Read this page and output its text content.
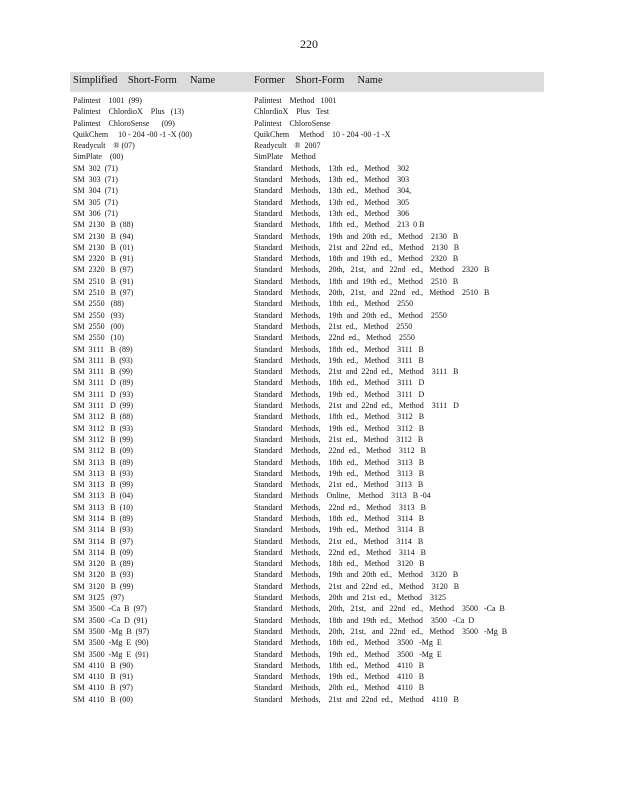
220
Simplified    Short-Form     Name	Former    Short-Form     Name
Palintest    1001  (99)	Palintest    Method   1001
Palintest    ChlordioX    Plus   (13)	ChlordioX    Plus   Test
Palintest    ChloroSense      (09)	Palintest    ChloroSense
QuikChem     10 - 204 -00 -1 -X (00)	QuikChem     Method    10 - 204 -00 -1 -X
Readycult    ® (07)	Readycult    ®  2007
SimPlate    (00)	SimPlate    Method
SM  302  (71)	Standard    Methods,    13th  ed.,   Method    302
SM  303  (71)	Standard    Methods,    13th  ed.,   Method    303
SM  304  (71)	Standard    Methods,    13th  ed.,   Method    304,
SM  305  (71)	Standard    Methods,    13th  ed.,   Method    305
SM  306  (71)	Standard    Methods,    13th  ed.,   Method    306
SM  2130   B  (88)	Standard    Methods,    18th  ed.,   Method    213  0 B
SM  2130   B  (94)	Standard    Methods,    19th  and  20th  ed.,   Method    2130   B
SM  2130   B  (01)	Standard    Methods,    21st  and  22nd  ed.,   Method    2130   B
SM  2320   B  (91)	Standard    Methods,    18th  and  19th  ed.,   Method    2320   B
SM  2320   B  (97)	Standard    Methods,    20th,   21st,   and   22nd   ed.,   Method    2320   B
SM  2510   B  (91)	Standard    Methods,    18th  and  19th  ed.,   Method    2510   B
SM  2510   B  (97)	Standard    Methods,    20th,   21st,   and   22nd   ed.,   Method    2510   B
SM  2550   (88)	Standard    Methods,    18th  ed.,   Method    2550
SM  2550   (93)	Standard    Methods,    19th  and  20th  ed.,   Method    2550
SM  2550   (00)	Standard    Methods,    21st  ed.,   Method    2550
SM  2550   (10)	Standard    Methods,    22nd  ed.,   Method    2550
SM  3111   B  (89)	Standard    Methods,    18th  ed.,   Method    3111   B
SM  3111   B  (93)	Standard    Methods,    19th  ed.,   Method    3111   B
SM  3111   B  (99)	Standard    Methods,    21st  and  22nd  ed.,   Method    3111   B
SM  3111   D  (89)	Standard    Methods,    18th  ed.,   Method    3111   D
SM  3111   D  (93)	Standard    Methods,    19th  ed.,   Method    3111   D
SM  3111   D  (99)	Standard    Methods,    21st  and  22nd  ed.,   Method    3111   D
SM  3112   B  (88)	Standard    Methods,    18th  ed.,   Method    3112   B
SM  3112   B  (93)	Standard    Methods,    19th  ed.,   Method    3112   B
SM  3112   B  (99)	Standard    Methods,    21st  ed.,   Method    3112   B
SM  3112   B  (09)	Standard    Methods,    22nd  ed.,   Method    3112   B
SM  3113   B  (89)	Standard    Methods,    18th  ed.,   Method    3113   B
SM  3113   B  (93)	Standard    Methods,    19th  ed.,   Method    3113   B
SM  3113   B  (99)	Standard    Methods,    21st  ed.,   Method    3113   B
SM  3113   B  (04)	Standard    Methods    Online,    Method    3113   B -04
SM  3113   B  (10)	Standard    Methods,    22nd  ed.,   Method    3113   B
SM  3114   B  (89)	Standard    Methods,    18th  ed.,   Method    3114   B
SM  3114   B  (93)	Standard    Methods,    19th  ed.,   Method    3114   B
SM  3114   B  (97)	Standard    Methods,    21st  ed.,   Method    3114   B
SM  3114   B  (09)	Standard    Methods,    22nd  ed.,   Method    3114   B
SM  3120   B  (89)	Standard    Methods,    18th  ed.,   Method    3120   B
SM  3120   B  (93)	Standard    Methods,    19th  and  20th  ed.,   Method    3120   B
SM  3120   B  (99)	Standard    Methods,    21st  and  22nd  ed.,   Method    3120   B
SM  3125   (97)	Standard    Methods,    20th  and  21st  ed.,   Method    3125
SM  3500  -Ca  B  (97)	Standard    Methods,    20th,   21st,   and   22nd   ed.,   Method    3500   -Ca  B
SM  3500  -Ca  D  (91)	Standard    Methods,    18th  and  19th  ed.,   Method    3500   -Ca  D
SM  3500  -Mg  B  (97)	Standard    Methods,    20th,   21st,   and   22nd   ed.,   Method    3500   -Mg  B
SM  3500  -Mg  E  (90)	Standard    Methods,    18th  ed.,   Method    3500   -Mg  E
SM  3500  -Mg  E  (91)	Standard    Methods,    19th  ed.,   Method    3500   -Mg  E
SM  4110   B  (90)	Standard    Methods,    18th  ed.,   Method    4110   B
SM  4110   B  (91)	Standard    Methods,    19th  ed.,   Method    4110   B
SM  4110   B  (97)	Standard    Methods,    20th  ed.,   Method    4110   B
SM  4110   B  (00)	Standard    Methods,    21st  and  22nd  ed.,   Method    4110   B
